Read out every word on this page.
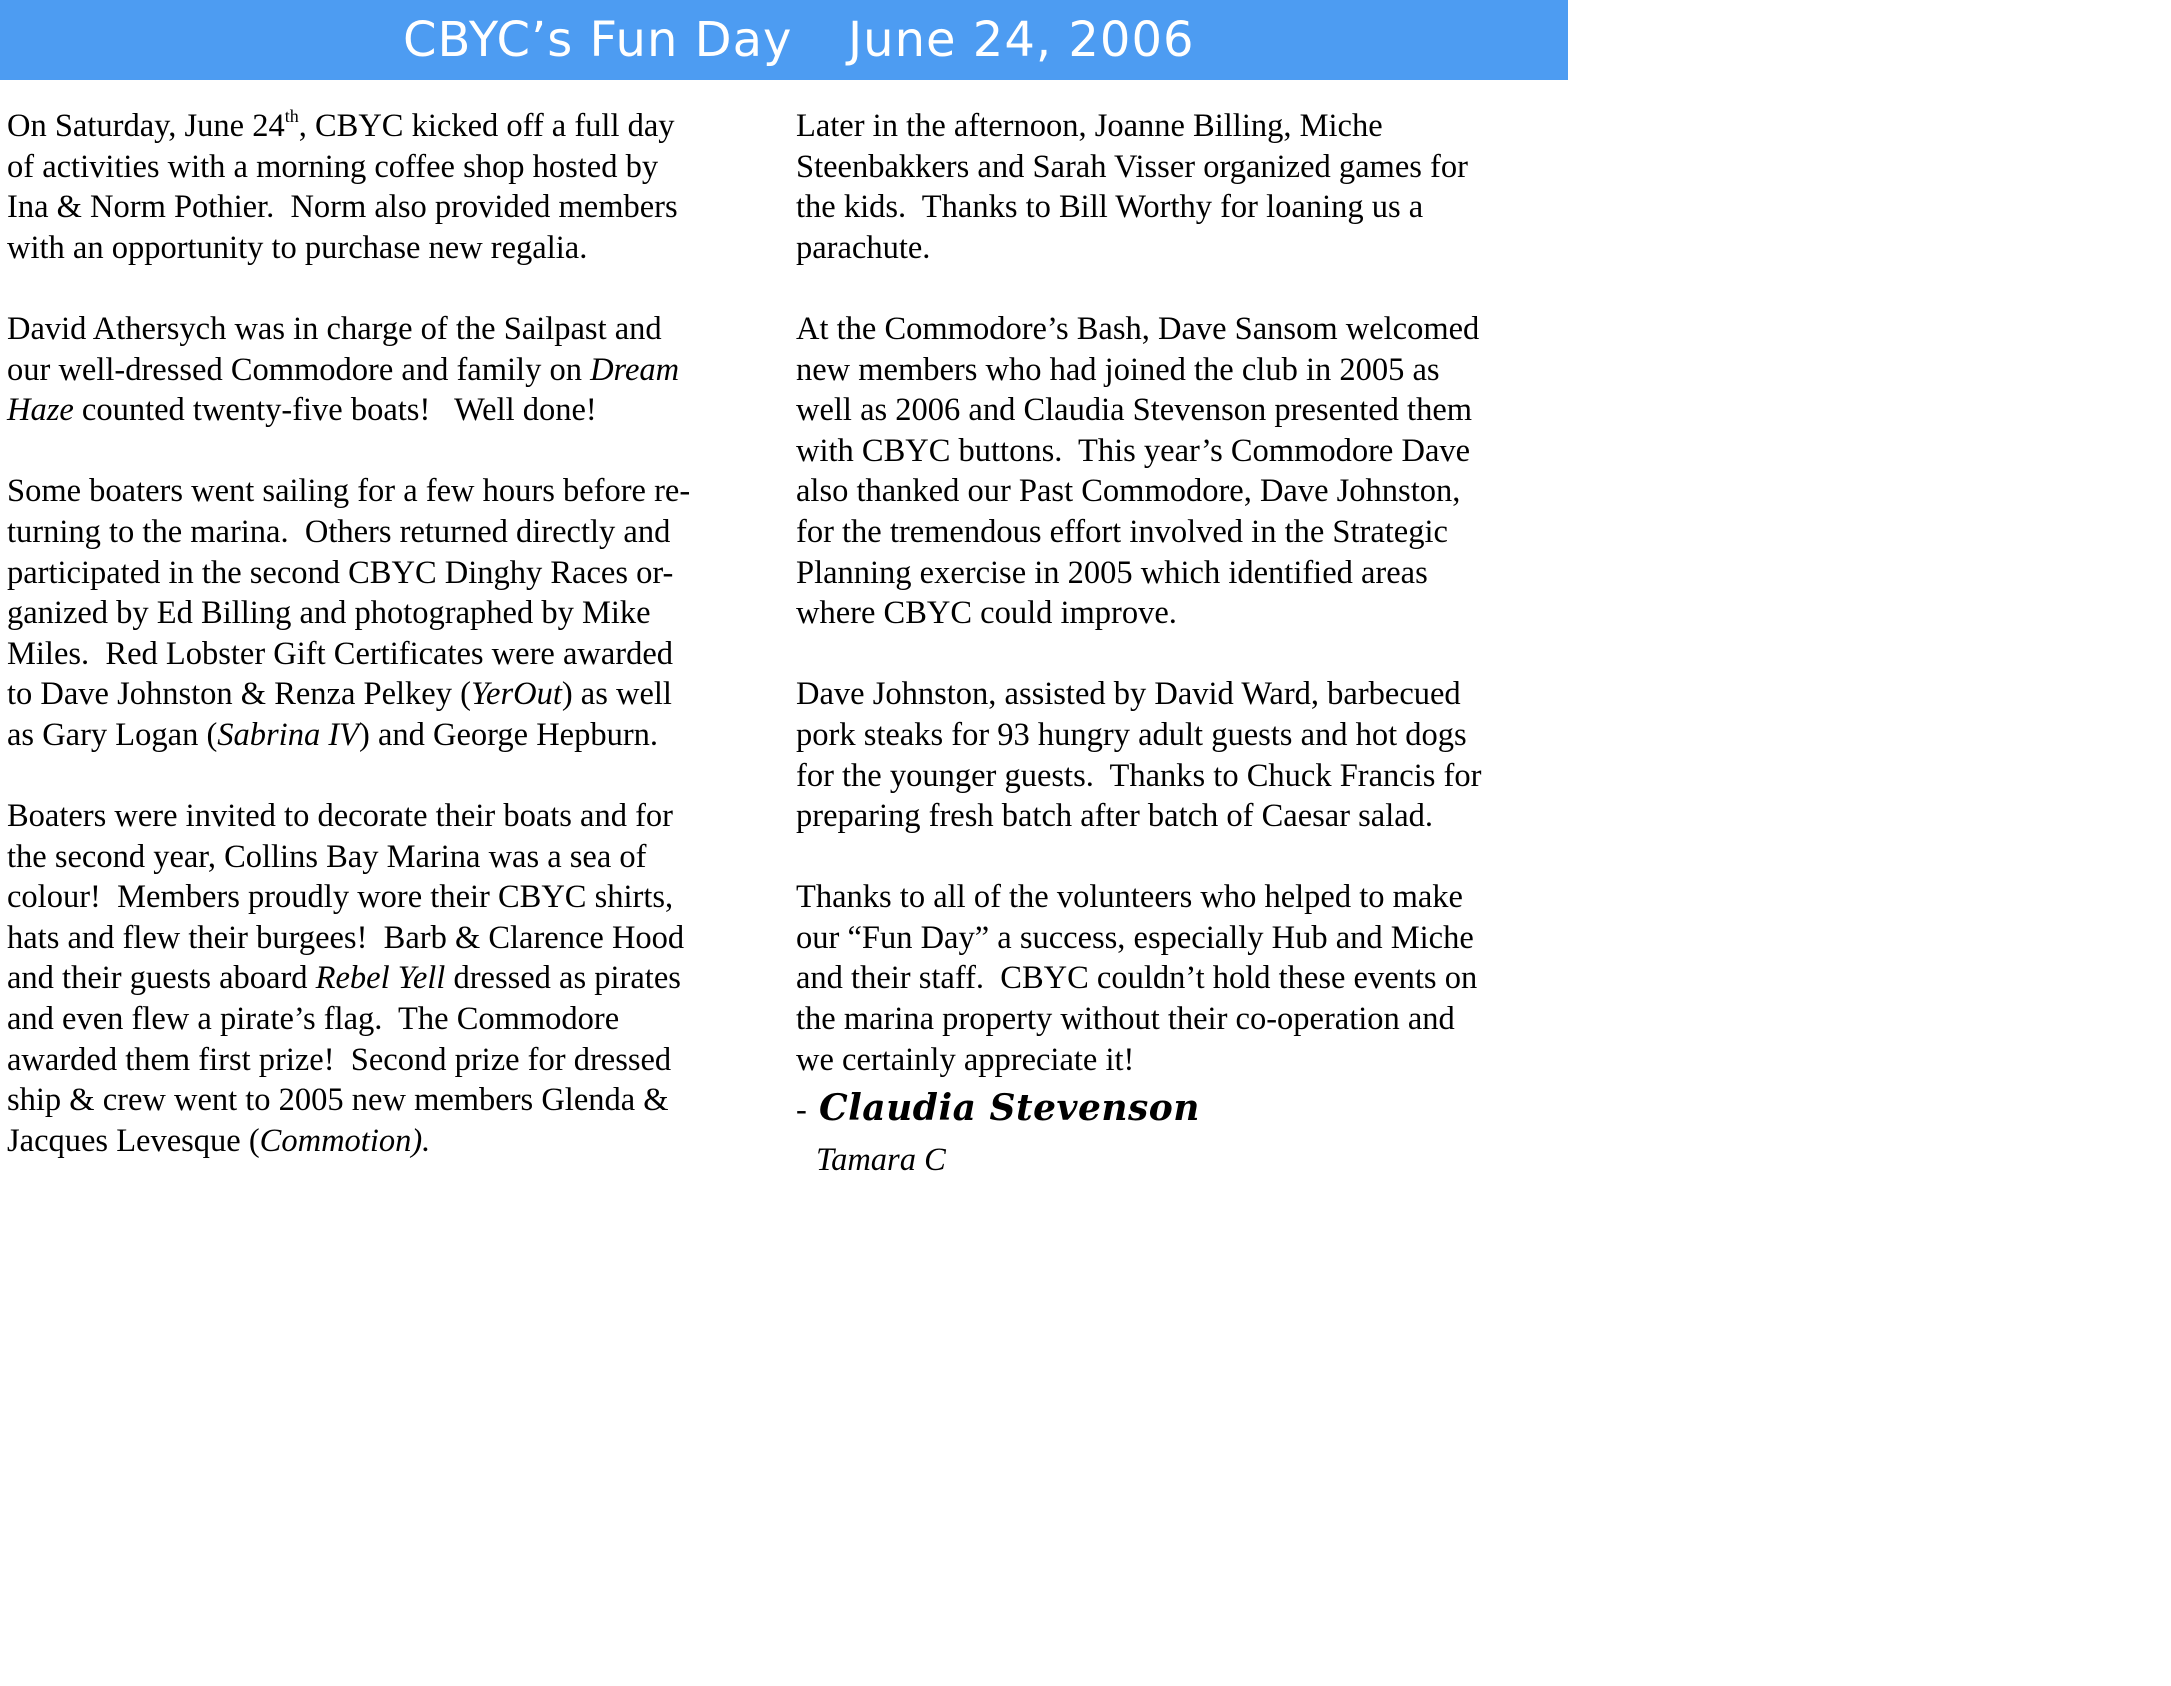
CBYC’s Fun Day June 24, 2006
On Saturday, June 24th, CBYC kicked off a full day
of activities with a morning coffee shop hosted by
Ina & Norm Pothier.  Norm also provided members
with an opportunity to purchase new regalia.
David Athersych was in charge of the Sailpast and
our well-dressed Commodore and family on Dream
Haze counted twenty-five boats!   Well done!
Some boaters went sailing for a few hours before re-
turning to the marina.  Others returned directly and
participated in the second CBYC Dinghy Races or-
ganized by Ed Billing and photographed by Mike
Miles.  Red Lobster Gift Certificates were awarded
to Dave Johnston & Renza Pelkey (YerOut) as well
as Gary Logan (Sabrina IV) and George Hepburn.
Boaters were invited to decorate their boats and for
the second year, Collins Bay Marina was a sea of
colour!  Members proudly wore their CBYC shirts,
hats and flew their burgees!  Barb & Clarence Hood
and their guests aboard Rebel Yell dressed as pirates
and even flew a pirate’s flag.  The Commodore
awarded them first prize!  Second prize for dressed
ship & crew went to 2005 new members Glenda &
Jacques Levesque (Commotion).
Later in the afternoon, Joanne Billing, Miche
Steenbakkers and Sarah Visser organized games for
the kids.  Thanks to Bill Worthy for loaning us a
parachute.
At the Commodore’s Bash, Dave Sansom welcomed
new members who had joined the club in 2005 as
well as 2006 and Claudia Stevenson presented them
with CBYC buttons.  This year’s Commodore Dave
also thanked our Past Commodore, Dave Johnston,
for the tremendous effort involved in the Strategic
Planning exercise in 2005 which identified areas
where CBYC could improve.
Dave Johnston, assisted by David Ward, barbecued
pork steaks for 93 hungry adult guests and hot dogs
for the younger guests.  Thanks to Chuck Francis for
preparing fresh batch after batch of Caesar salad.
Thanks to all of the volunteers who helped to make
our “Fun Day” a success, especially Hub and Miche
and their staff.  CBYC couldn’t hold these events on
the marina property without their co-operation and
we certainly appreciate it!
- Claudia Stevenson
Tamara C
